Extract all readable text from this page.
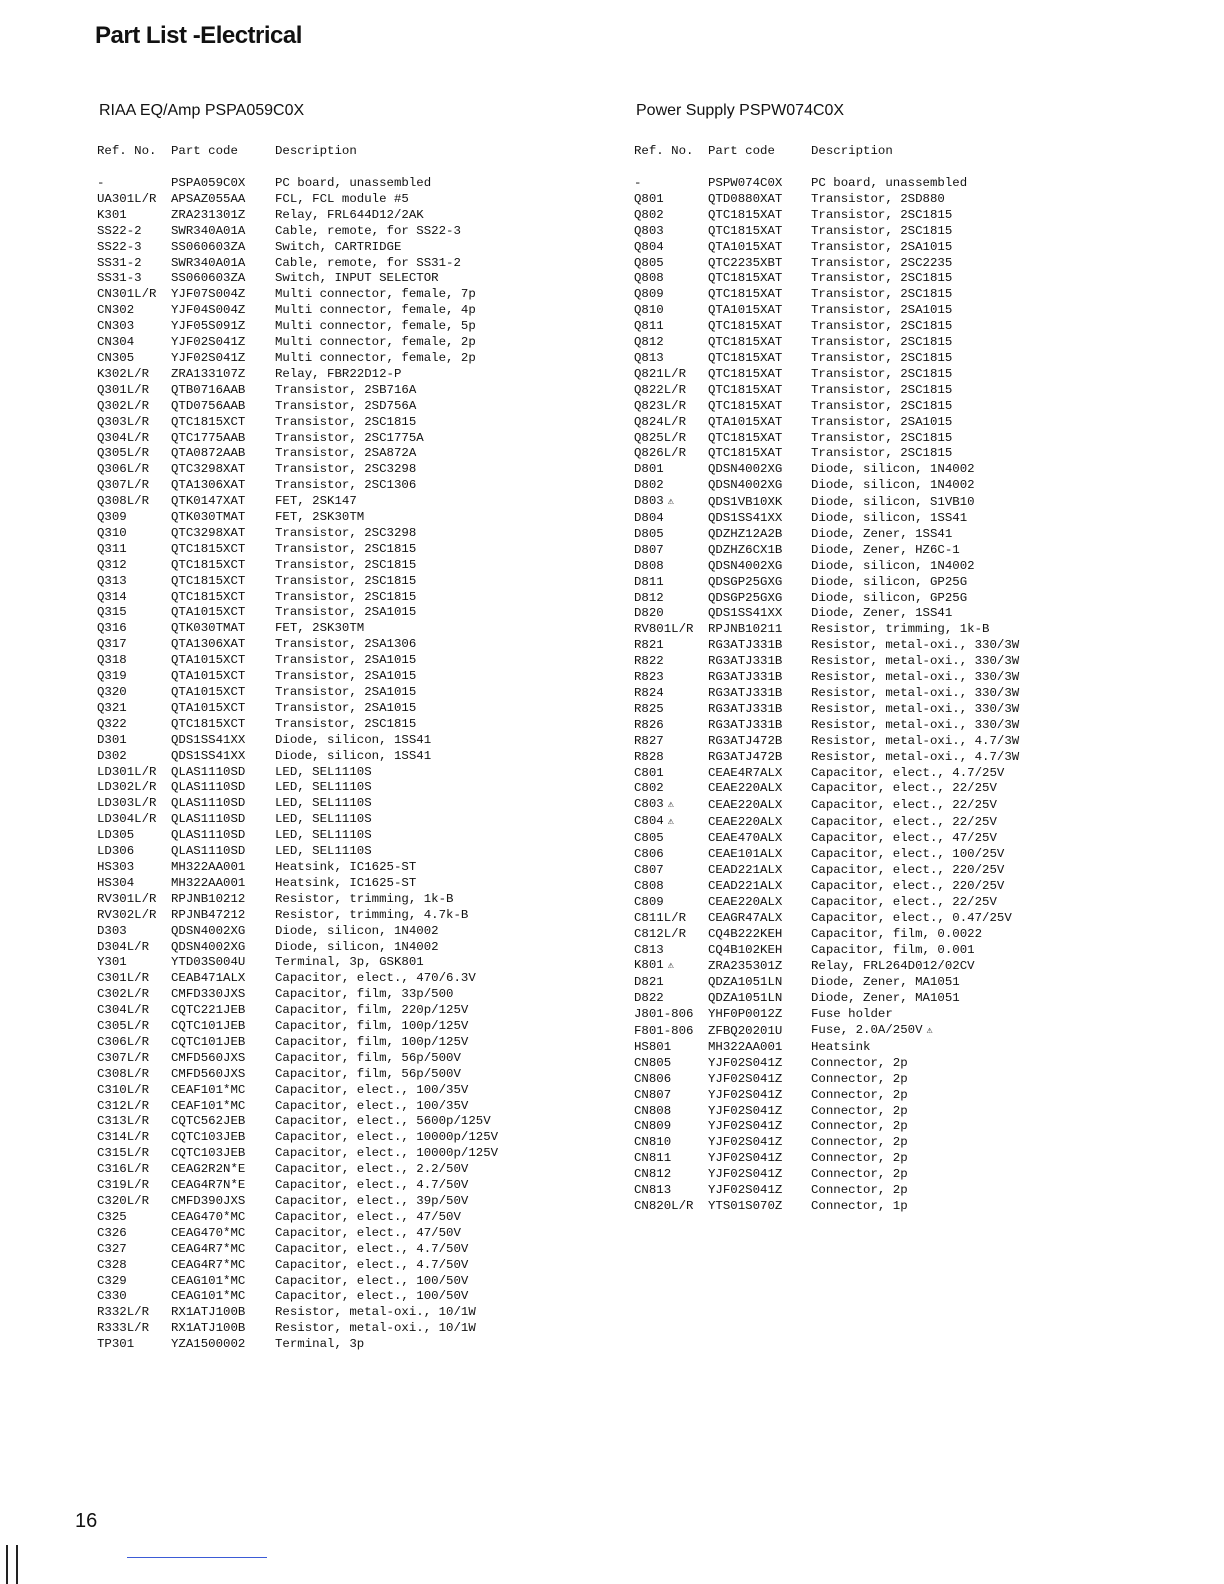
Part List -Electrical
RIAA EQ/Amp PSPA059C0X
Ref. No.	Part code	Description
-	PSPA059C0X	PC board, unassembled
UA301L/R	APSAZ055AA	FCL, FCL module #5
K301	ZRA231301Z	Relay, FRL644D12/2AK
SS22-2	SWR340A01A	Cable, remote, for SS22-3
SS22-3	SS060603ZA	Switch, CARTRIDGE
SS31-2	SWR340A01A	Cable, remote, for SS31-2
SS31-3	SS060603ZA	Switch, INPUT SELECTOR
CN301L/R	YJF07S004Z	Multi connector, female, 7p
CN302	YJF04S004Z	Multi connector, female, 4p
CN303	YJF05S091Z	Multi connector, female, 5p
CN304	YJF02S041Z	Multi connector, female, 2p
CN305	YJF02S041Z	Multi connector, female, 2p
K302L/R	ZRA133107Z	Relay, FBR22D12-P
Q301L/R	QTB0716AAB	Transistor, 2SB716A
Q302L/R	QTD0756AAB	Transistor, 2SD756A
Q303L/R	QTC1815XCT	Transistor, 2SC1815
Q304L/R	QTC1775AAB	Transistor, 2SC1775A
Q305L/R	QTA0872AAB	Transistor, 2SA872A
Q306L/R	QTC3298XAT	Transistor, 2SC3298
Q307L/R	QTA1306XAT	Transistor, 2SC1306
Q308L/R	QTK0147XAT	FET, 2SK147
Q309	QTK030TMAT	FET, 2SK30TM
Q310	QTC3298XAT	Transistor, 2SC3298
Q311	QTC1815XCT	Transistor, 2SC1815
Q312	QTC1815XCT	Transistor, 2SC1815
Q313	QTC1815XCT	Transistor, 2SC1815
Q314	QTC1815XCT	Transistor, 2SC1815
Q315	QTA1015XCT	Transistor, 2SA1015
Q316	QTK030TMAT	FET, 2SK30TM
Q317	QTA1306XAT	Transistor, 2SA1306
Q318	QTA1015XCT	Transistor, 2SA1015
Q319	QTA1015XCT	Transistor, 2SA1015
Q320	QTA1015XCT	Transistor, 2SA1015
Q321	QTA1015XCT	Transistor, 2SA1015
Q322	QTC1815XCT	Transistor, 2SC1815
D301	QDS1SS41XX	Diode, silicon, 1SS41
D302	QDS1SS41XX	Diode, silicon, 1SS41
LD301L/R	QLAS1110SD	LED, SEL1110S
LD302L/R	QLAS1110SD	LED, SEL1110S
LD303L/R	QLAS1110SD	LED, SEL1110S
LD304L/R	QLAS1110SD	LED, SEL1110S
LD305	QLAS1110SD	LED, SEL1110S
LD306	QLAS1110SD	LED, SEL1110S
HS303	MH322AA001	Heatsink, IC1625-ST
HS304	MH322AA001	Heatsink, IC1625-ST
RV301L/R	RPJNB10212	Resistor, trimming, 1k-B
RV302L/R	RPJNB47212	Resistor, trimming, 4.7k-B
D303	QDSN4002XG	Diode, silicon, 1N4002
D304L/R	QDSN4002XG	Diode, silicon, 1N4002
Y301	YTD03S004U	Terminal, 3p, GSK801
C301L/R	CEAB471ALX	Capacitor, elect., 470/6.3V
C302L/R	CMFD330JXS	Capacitor, film, 33p/500
C304L/R	CQTC221JEB	Capacitor, film, 220p/125V
C305L/R	CQTC101JEB	Capacitor, film, 100p/125V
C306L/R	CQTC101JEB	Capacitor, film, 100p/125V
C307L/R	CMFD560JXS	Capacitor, film, 56p/500V
C308L/R	CMFD560JXS	Capacitor, film, 56p/500V
C310L/R	CEAF101*MC	Capacitor, elect., 100/35V
C312L/R	CEAF101*MC	Capacitor, elect., 100/35V
C313L/R	CQTC562JEB	Capacitor, elect., 5600p/125V
C314L/R	CQTC103JEB	Capacitor, elect., 10000p/125V
C315L/R	CQTC103JEB	Capacitor, elect., 10000p/125V
C316L/R	CEAG2R2N*E	Capacitor, elect., 2.2/50V
C319L/R	CEAG4R7N*E	Capacitor, elect., 4.7/50V
C320L/R	CMFD390JXS	Capacitor, elect., 39p/50V
C325	CEAG470*MC	Capacitor, elect., 47/50V
C326	CEAG470*MC	Capacitor, elect., 47/50V
C327	CEAG4R7*MC	Capacitor, elect., 4.7/50V
C328	CEAG4R7*MC	Capacitor, elect., 4.7/50V
C329	CEAG101*MC	Capacitor, elect., 100/50V
C330	CEAG101*MC	Capacitor, elect., 100/50V
R332L/R	RX1ATJ100B	Resistor, metal-oxi., 10/1W
R333L/R	RX1ATJ100B	Resistor, metal-oxi., 10/1W
TP301	YZA1500002	Terminal, 3p
Power Supply PSPW074C0X
Ref. No.	Part code	Description
-	PSPW074C0X	PC board, unassembled
Q801	QTD0880XAT	Transistor, 2SD880
Q802	QTC1815XAT	Transistor, 2SC1815
Q803	QTC1815XAT	Transistor, 2SC1815
Q804	QTA1015XAT	Transistor, 2SA1015
Q805	QTC2235XBT	Transistor, 2SC2235
Q808	QTC1815XAT	Transistor, 2SC1815
Q809	QTC1815XAT	Transistor, 2SC1815
Q810	QTA1015XAT	Transistor, 2SA1015
Q811	QTC1815XAT	Transistor, 2SC1815
Q812	QTC1815XAT	Transistor, 2SC1815
Q813	QTC1815XAT	Transistor, 2SC1815
Q821L/R	QTC1815XAT	Transistor, 2SC1815
Q822L/R	QTC1815XAT	Transistor, 2SC1815
Q823L/R	QTC1815XAT	Transistor, 2SC1815
Q824L/R	QTA1015XAT	Transistor, 2SA1015
Q825L/R	QTC1815XAT	Transistor, 2SC1815
Q826L/R	QTC1815XAT	Transistor, 2SC1815
D801	QDSN4002XG	Diode, silicon, 1N4002
D802	QDSN4002XG	Diode, silicon, 1N4002
D803 ⚠	QDS1VB10XK	Diode, silicon, S1VB10
D804	QDS1SS41XX	Diode, silicon, 1SS41
D805	QDZHZ12A2B	Diode, Zener, 1SS41
D807	QDZHZ6CX1B	Diode, Zener, HZ6C-1
D808	QDSN4002XG	Diode, silicon, 1N4002
D811	QDSGP25GXG	Diode, silicon, GP25G
D812	QDSGP25GXG	Diode, silicon, GP25G
D820	QDS1SS41XX	Diode, Zener, 1SS41
RV801L/R	RPJNB10211	Resistor, trimming, 1k-B
R821	RG3ATJ331B	Resistor, metal-oxi., 330/3W
R822	RG3ATJ331B	Resistor, metal-oxi., 330/3W
R823	RG3ATJ331B	Resistor, metal-oxi., 330/3W
R824	RG3ATJ331B	Resistor, metal-oxi., 330/3W
R825	RG3ATJ331B	Resistor, metal-oxi., 330/3W
R826	RG3ATJ331B	Resistor, metal-oxi., 330/3W
R827	RG3ATJ472B	Resistor, metal-oxi., 4.7/3W
R828	RG3ATJ472B	Resistor, metal-oxi., 4.7/3W
C801	CEAE4R7ALX	Capacitor, elect., 4.7/25V
C802	CEAE220ALX	Capacitor, elect., 22/25V
C803 ⚠	CEAE220ALX	Capacitor, elect., 22/25V
C804 ⚠	CEAE220ALX	Capacitor, elect., 22/25V
C805	CEAE470ALX	Capacitor, elect., 47/25V
C806	CEAE101ALX	Capacitor, elect., 100/25V
C807	CEAD221ALX	Capacitor, elect., 220/25V
C808	CEAD221ALX	Capacitor, elect., 220/25V
C809	CEAE220ALX	Capacitor, elect., 22/25V
C811L/R	CEAGR47ALX	Capacitor, elect., 0.47/25V
C812L/R	CQ4B222KEH	Capacitor, film, 0.0022
C813	CQ4B102KEH	Capacitor, film, 0.001
K801 ⚠	ZRA235301Z	Relay, FRL264D012/02CV
D821	QDZA1051LN	Diode, Zener, MA1051
D822	QDZA1051LN	Diode, Zener, MA1051
J801-806	YHF0P0012Z	Fuse holder
F801-806	ZFBQ20201U	Fuse, 2.0A/250V ⚠
HS801	MH322AA001	Heatsink
CN805	YJF02S041Z	Connector, 2p
CN806	YJF02S041Z	Connector, 2p
CN807	YJF02S041Z	Connector, 2p
CN808	YJF02S041Z	Connector, 2p
CN809	YJF02S041Z	Connector, 2p
CN810	YJF02S041Z	Connector, 2p
CN811	YJF02S041Z	Connector, 2p
CN812	YJF02S041Z	Connector, 2p
CN813	YJF02S041Z	Connector, 2p
CN820L/R	YTS01S070Z	Connector, 1p
16
